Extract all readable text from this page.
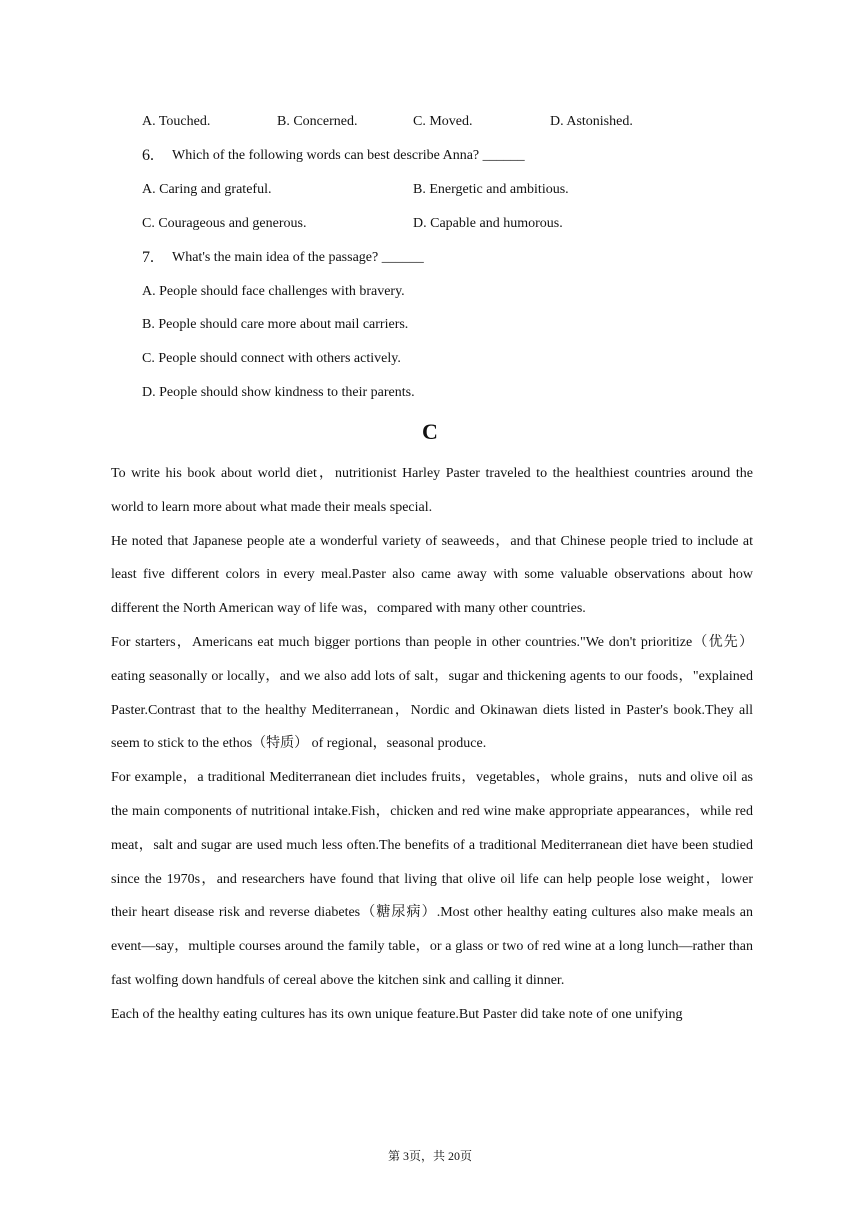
A. Touched.	B. Concerned.	C. Moved.	D. Astonished.
6. Which of the following words can best describe Anna? ______
A. Caring and grateful.	B. Energetic and ambitious.
C. Courageous and generous.	D. Capable and humorous.
7. What's the main idea of the passage? ______
A. People should face challenges with bravery.
B. People should care more about mail carriers.
C. People should connect with others actively.
D. People should show kindness to their parents.
C

To write his book about world diet，nutritionist Harley Paster traveled to the healthiest countries around the world to learn more about what made their meals special.

He noted that Japanese people ate a wonderful variety of seaweeds，and that Chinese people tried to include at least five different colors in every meal.Paster also came away with some valuable observations about how different the North American way of life was，compared with many other countries.

For starters，Americans eat much bigger portions than people in other countries."We don't prioritize（优先） eating seasonally or locally，and we also add lots of salt，sugar and thickening agents to our foods，"explained Paster.Contrast that to the healthy Mediterranean，Nordic and Okinawan diets listed in Paster's book.They all seem to stick to the ethos（特质） of regional，seasonal produce.

For example，a traditional Mediterranean diet includes fruits，vegetables，whole grains，nuts and olive oil as the main components of nutritional intake.Fish，chicken and red wine make appropriate appearances，while red meat，salt and sugar are used much less often.The benefits of a traditional Mediterranean diet have been studied since the 1970s，and researchers have found that living that olive oil life can help people lose weight，lower their heart disease risk and reverse diabetes（糖尿病）.Most other healthy eating cultures also make meals an event—say，multiple courses around the family table，or a glass or two of red wine at a long lunch—rather than fast wolfing down handfuls of cereal above the kitchen sink and calling it dinner.

Each of the healthy eating cultures has its own unique feature.But Paster did take note of one unifying

第 3页，共 20页
